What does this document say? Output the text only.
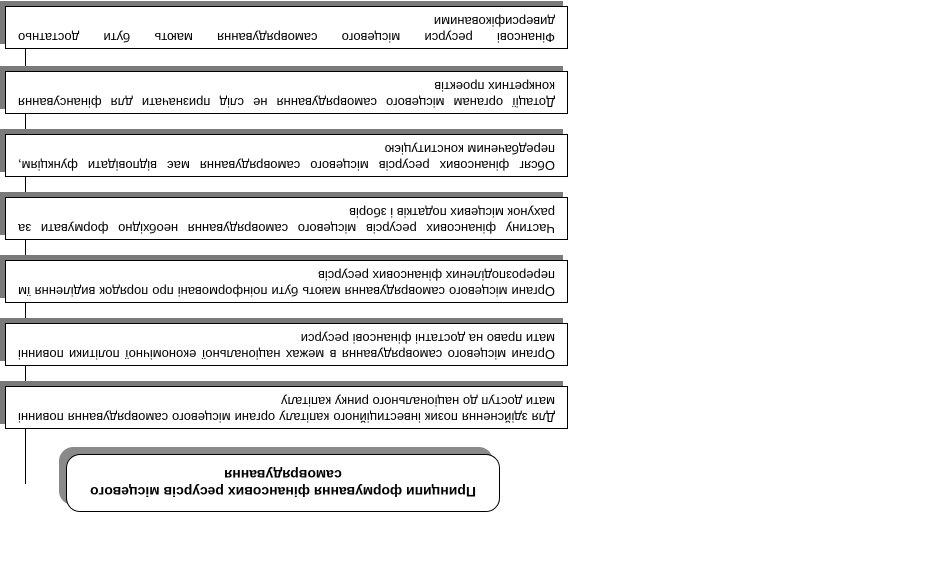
Принципи формування фінансових ресурсів місцевого самоврядування
Для здійснення позик інвестиційного капіталу органи місцевого самоврядування повинні мати доступ до національного ринку капіталу
Органи місцевого самоврядування в межах національної економічної політики повинні мати право на достатні фінансові ресурси
Органи місцевого самоврядування мають бути поінформовані про порядок виділення їм перерозподілених фінансових ресурсів
Частину фінансових ресурсів місцевого самоврядування необхідно формувати за рахунок місцевих податків і зборів
Обсяг фінансових ресурсів місцевого самоврядування має відповідати функціям, передбаченим конституцією
Дотації органам місцевого самоврядування не слід призначати для фінансування конкретних проектів
Фінансові ресурси місцевого самоврядування мають бути достатньо диверсифікованими
